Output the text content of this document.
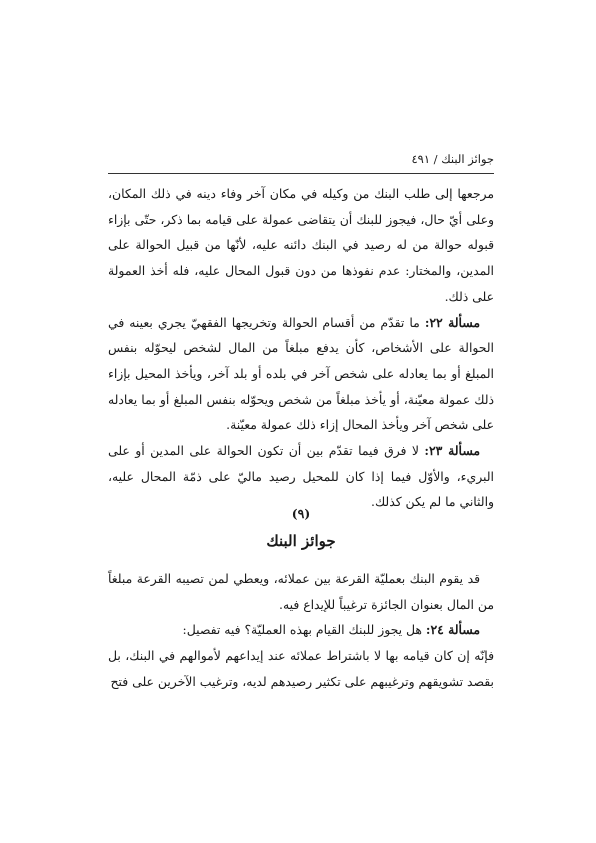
جوائز البنك / ٤٩١

مرجعها إلى طلب البنك من وكيله في مكان آخر وفاء دينه في ذلك المكان، وعلى أيّ حال، فيجوز للبنك أن يتقاضى عمولة على قيامه بما ذكر، حتّى بإزاء قبوله حوالة من له رصيد في البنك دائنه عليه، لأنّها من قبيل الحوالة على المدين، والمختار: عدم نفوذها من دون قبول المحال عليه، فله أخذ العمولة على ذلك.

مسألة ٢٢: ما تقدّم من أقسام الحوالة وتخريجها الفقهيّ يجري بعينه في الحوالة على الأشخاص، كأن يدفع مبلغاً من المال لشخص ليحوّله بنفس المبلغ أو بما يعادله على شخص آخر في بلده أو بلد آخر، ويأخذ المحيل بإزاء ذلك عمولة معيّنة، أو يأخذ مبلغاً من شخص ويحوّله بنفس المبلغ أو بما يعادله على شخص آخر ويأخذ المحال إزاء ذلك عمولة معيّنة.

مسألة ٢٣: لا فرق فيما تقدّم بين أن تكون الحوالة على المدين أو على البريء، والأوّل فيما إذا كان للمحيل رصيد ماليّ على ذمّة المحال عليه، والثاني ما لم يكن كذلك.

(٩)
جوائز البنك

قد يقوم البنك بعمليّة القرعة بين عملائه، ويعطي لمن تصيبه القرعة مبلغاً من المال بعنوان الجائزة ترغيباً للإيداع فيه.

مسألة ٢٤: هل يجوز للبنك القيام بهذه العمليّة؟ فيه تفصيل:

فإنّه إن كان قيامه بها لا باشتراط عملائه عند إيداعهم لأموالهم في البنك، بل بقصد تشويقهم وترغيبهم على تكثير رصيدهم لديه، وترغيب الآخرين على فتح
